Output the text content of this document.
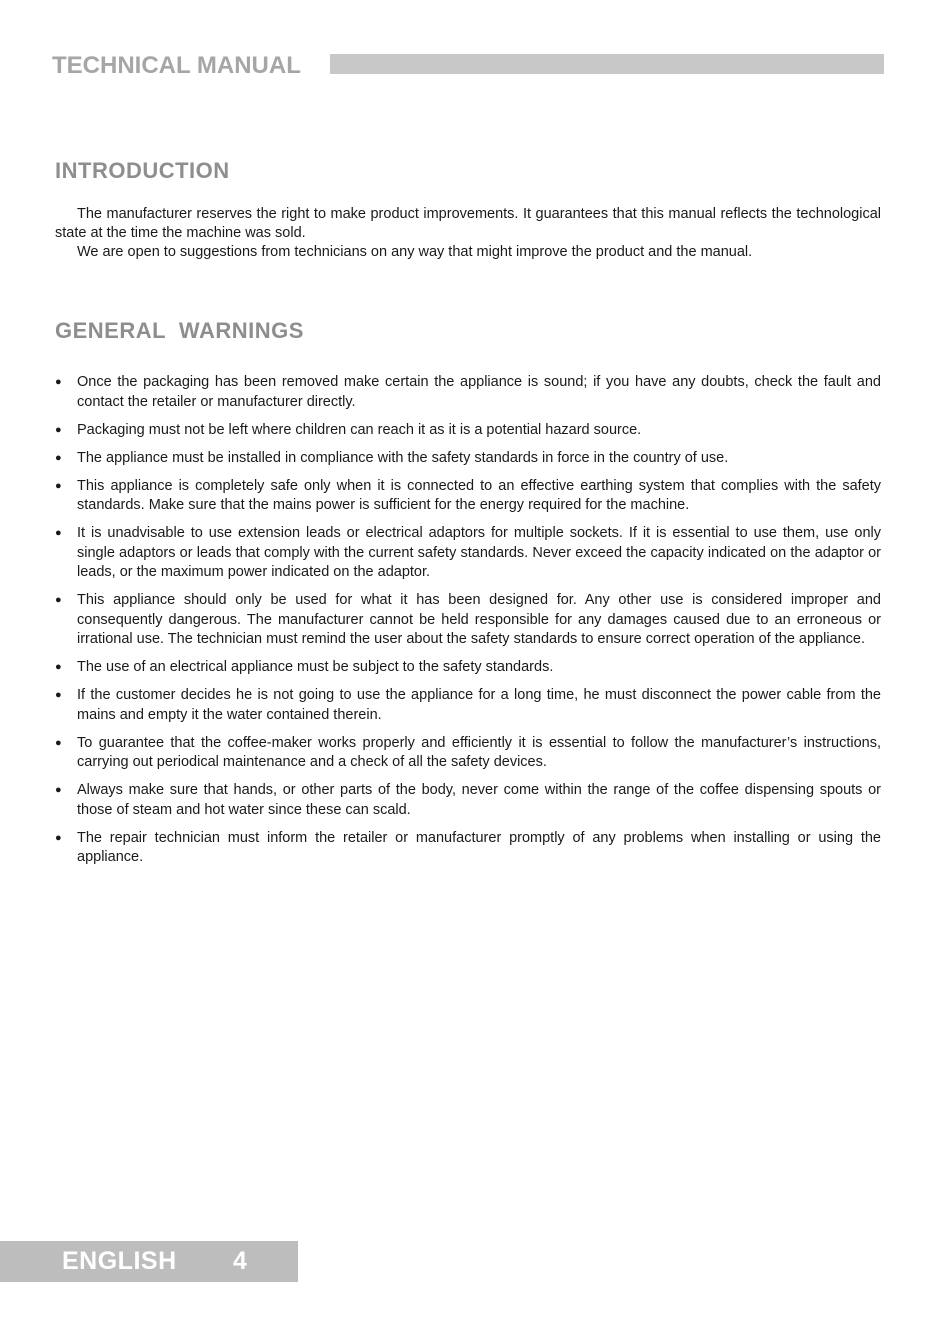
TECHNICAL MANUAL
INTRODUCTION

The manufacturer reserves the right to make product improvements. It guarantees that this manual reflects the technological state at the time the machine was sold.

We are open to suggestions from technicians on any way that might improve the product and the manual.

GENERAL  WARNINGS
●	Once the packaging has been removed make certain the appliance is sound; if you have any doubts, check the fault and contact the retailer or manufacturer directly.
●	Packaging must not be left where children can reach it as it is a potential hazard source.
●	The appliance must be installed in compliance with the safety standards in force in the country of use.
●	This appliance is completely safe only when it is connected to an effective earthing system that complies with the safety standards. Make sure that the mains power is sufficient for the energy required for the machine.
●	It is unadvisable to use extension leads or electrical adaptors for multiple sockets. If it is essential to use them, use only single adaptors or leads that comply with the current safety standards. Never exceed the capacity indicated on the adaptor or leads, or the maximum power indicated on the adaptor.
●	This appliance should only be used for what it has been designed for. Any other use is considered improper and consequently dangerous. The manufacturer cannot be held responsible for any damages caused due to an erroneous or irrational use. The technician must remind the user about the safety standards to ensure correct operation of the appliance.
●	The use of an electrical appliance must be subject to the safety standards.
●	If the customer decides he is not going to use the appliance for a long time, he must disconnect the power cable from the mains and empty it the water contained therein.
●	To guarantee that the coffee-maker works properly and efficiently it is essential to follow the manufacturer’s instructions, carrying out periodical maintenance and a check of all the safety devices.
●	Always make sure that hands, or other parts of the body, never come within the range of the coffee dispensing spouts or those of steam and hot water since these can scald.
●	The repair technician must inform the retailer or manufacturer promptly of any problems when installing or using the appliance.
ENGLISH 4
